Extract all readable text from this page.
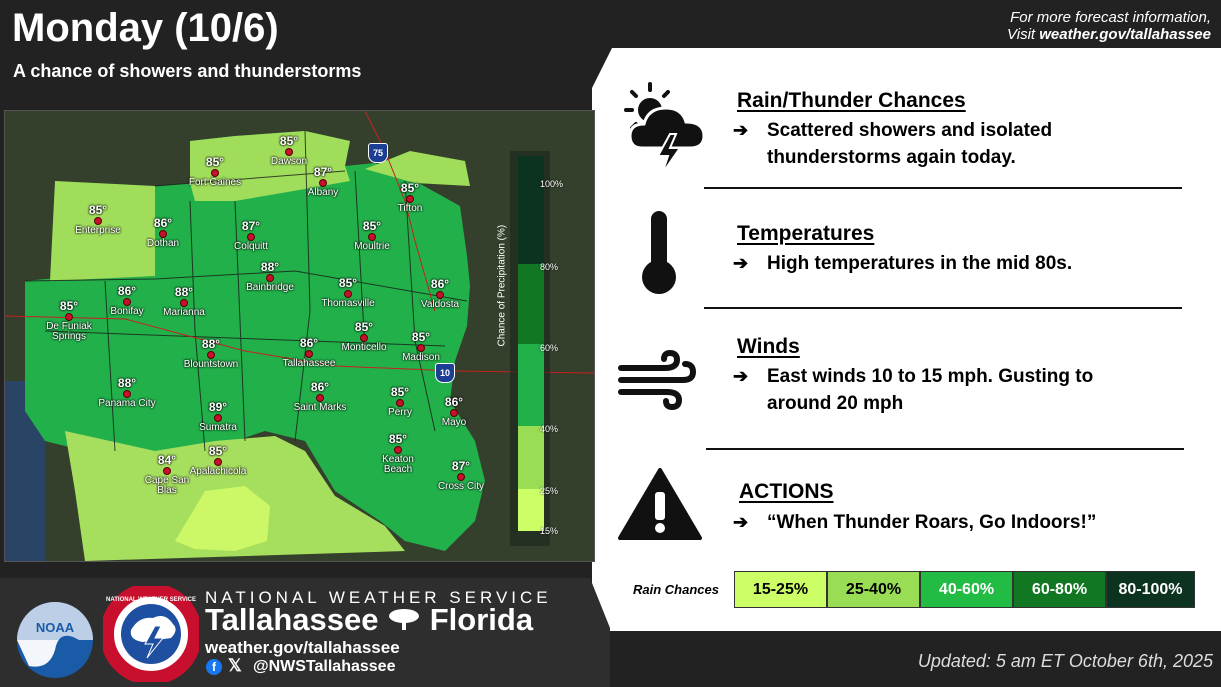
Monday (10/6)
A chance of showers and thunderstorms
For more forecast information,
Visit weather.gov/tallahassee
100%
80%
60%
40%
25%
15%
75
10
85°
Dawson
85°
Fort Gaines
87°
Albany	85°
Tifton
85°
Enterprise
86°
Dothan
87°
Colquitt
85°
Moultrie
88°
Bainbridge
85°
De Funiak Springs
86°
Bonifay
88°
Marianna
85°
Thomasville
86°
Valdosta
85°
Monticello
88°
Blountstown
86°
Tallahassee
85°
Madison
88°
Panama City	89°
Sumatra
86°
Saint Marks
85°
Perry
86°
Mayo
85°
Apalachicola
84°
Cape San Blas
85°
Keaton Beach	87°
Cross City
Rain/Thunder Chances
➔ Scattered showers and isolated thunderstorms again today.
Temperatures
➔ High temperatures in the mid 80s.
Winds
➔ East winds 10 to 15 mph. Gusting to around 20 mph
ACTIONS
➔ “When Thunder Roars, Go Indoors!”
Rain Chances	15-25%	25-40%	40-60%	60-80%	80-100%
NOAA
NATIONAL WEATHER SERVICE NATIONAL WEATHER SERVICE
Tallahassee Florida
weather.gov/tallahassee
f 𝕏 @NWSTallahassee	Updated: 5 am ET October 6th, 2025
